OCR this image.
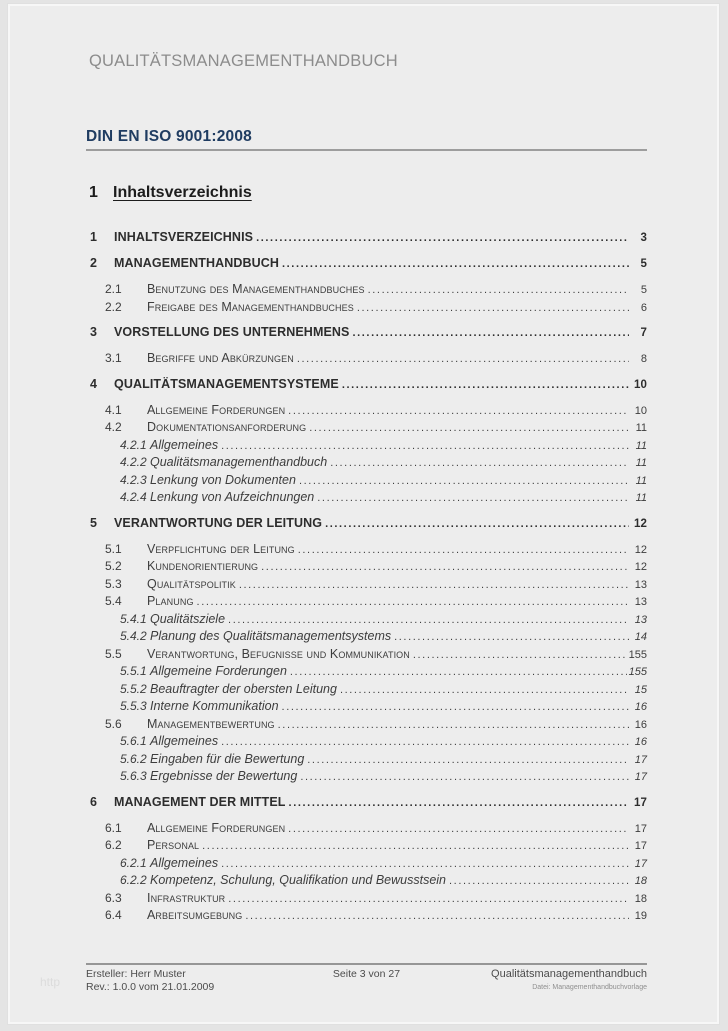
QUALITÄTSMANAGEMENTHANDBUCH
DIN EN ISO 9001:2008
1 Inhaltsverzeichnis
1	INHALTSVERZEICHNIS .....	3
2	MANAGEMENTHANDBUCH .....	5
2.1	Benutzung des Managementhandbuches .....	5
2.2	Freigabe des Managementhandbuches .....	6
3	VORSTELLUNG DES UNTERNEHMENS .....	7
3.1	Begriffe und Abkürzungen .....	8
4	QUALITÄTSMANAGEMENTSYSTEME .....	10
4.1	Allgemeine Forderungen .....	10
4.2	Dokumentationsanforderung .....	11
4.2.1 Allgemeines .....	11
4.2.2 Qualitätsmanagementhandbuch .....	11
4.2.3 Lenkung von Dokumenten .....	11
4.2.4 Lenkung von Aufzeichnungen .....	11
5	VERANTWORTUNG DER LEITUNG .....	12
5.1	Verpflichtung der Leitung .....	12
5.2	Kundenorientierung .....	12
5.3	Qualitätspolitik .....	13
5.4	Planung .....	13
5.4.1 Qualitätsziele .....	13
5.4.2 Planung des Qualitätsmanagementsystems .....	14
5.5	Verantwortung, Befugnisse und Kommunikation .....	155
5.5.1 Allgemeine Forderungen .....	155
5.5.2 Beauftragter der obersten Leitung .....	15
5.5.3 Interne Kommunikation .....	16
5.6	Managementbewertung .....	16
5.6.1 Allgemeines .....	16
5.6.2 Eingaben für die Bewertung .....	17
5.6.3 Ergebnisse der Bewertung .....	17
6	MANAGEMENT DER MITTEL .....	17
6.1	Allgemeine Forderungen .....	17
6.2	Personal .....	17
6.2.1 Allgemeines .....	17
6.2.2 Kompetenz, Schulung, Qualifikation und Bewusstsein .....	18
6.3	Infrastruktur .....	18
6.4	Arbeitsumgebung .....	19
Ersteller: Herr Muster
Rev.: 1.0.0 vom 21.01.2009
Seite 3 von 27	Qualitätsmanagementhandbuch
Datei: Managementhandbuchvorlage
http
